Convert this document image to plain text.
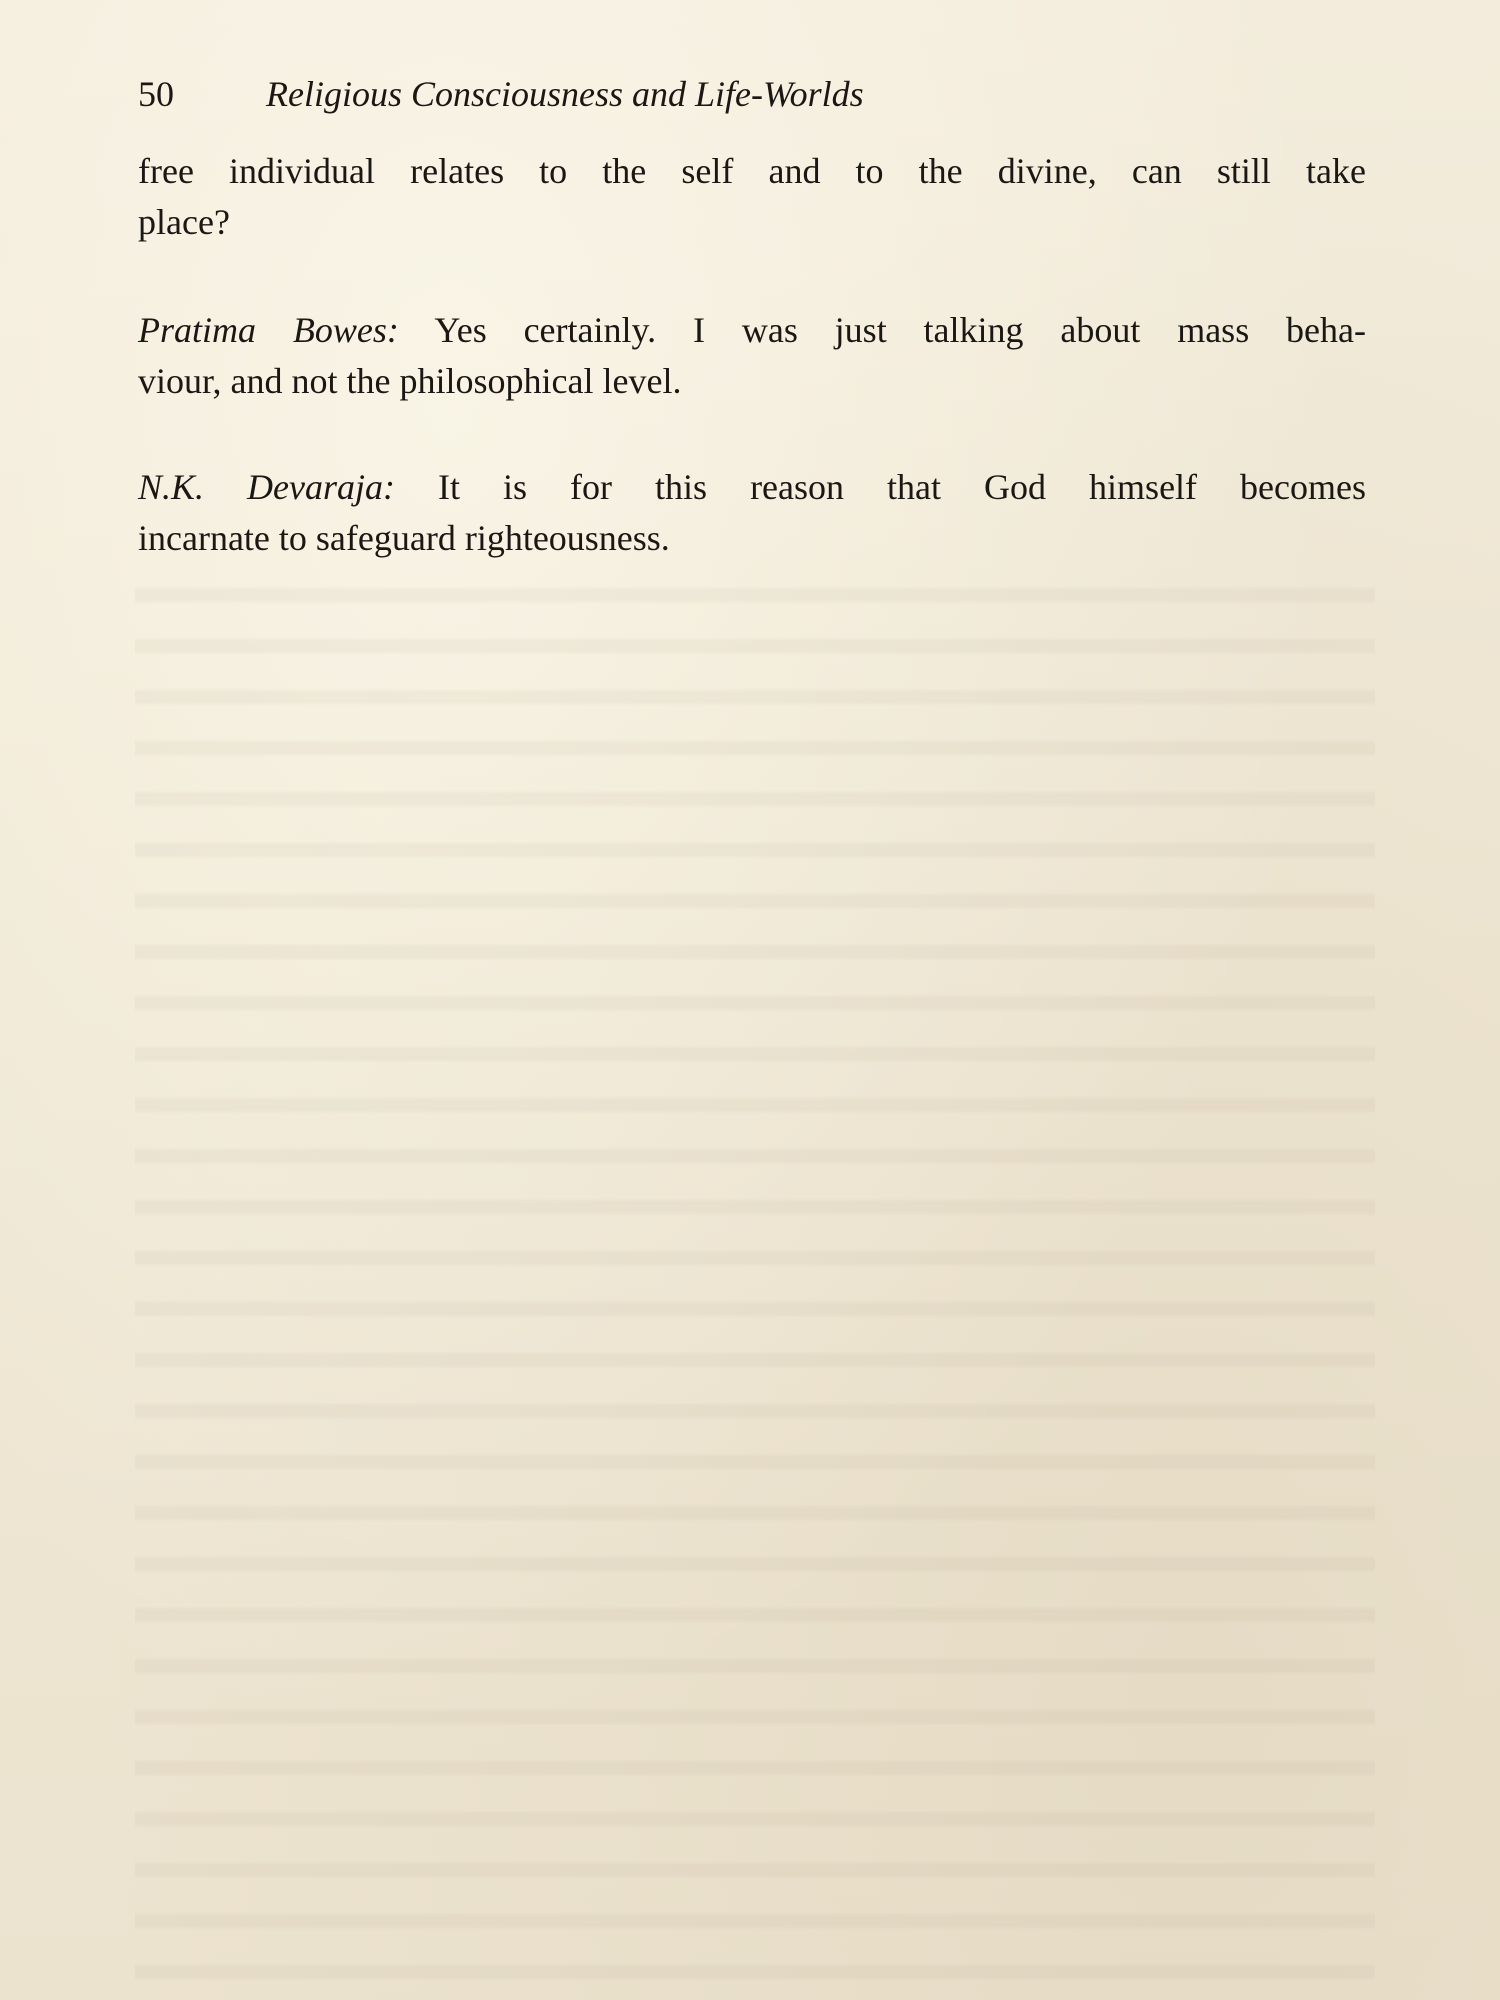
50	Religious Consciousness and Life-Worlds
free individual relates to the self and to the divine, can still take
place?
Pratima Bowes: Yes certainly. I was just talking about mass beha-
viour, and not the philosophical level.
N.K. Devaraja: It is for this reason that God himself becomes
incarnate to safeguard righteousness.
